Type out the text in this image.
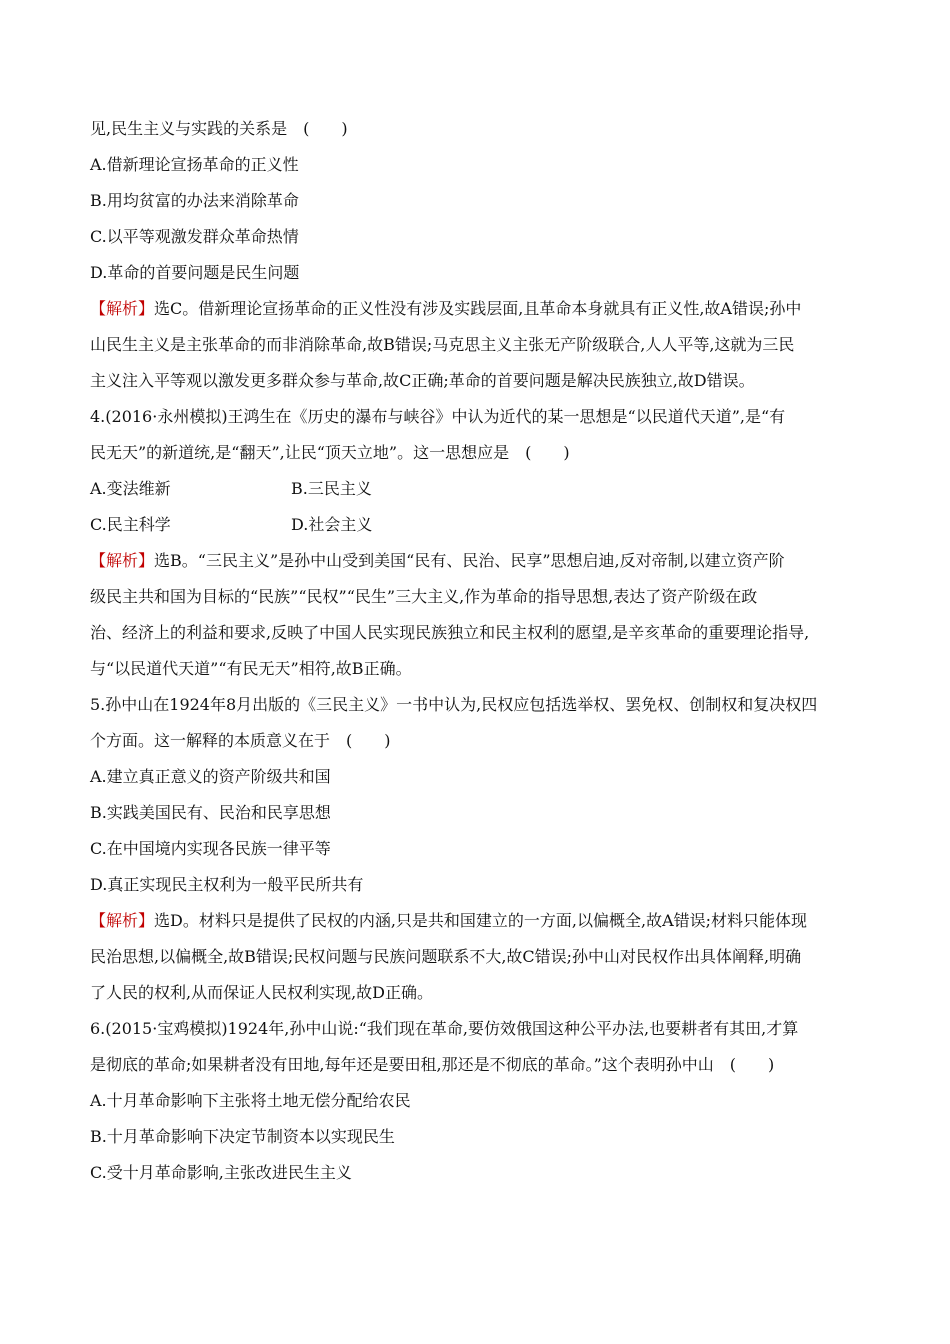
见,民生主义与实践的关系是　(　　)
A.借新理论宣扬革命的正义性
B.用均贫富的办法来消除革命
C.以平等观激发群众革命热情
D.革命的首要问题是民生问题
【解析】选C。借新理论宣扬革命的正义性没有涉及实践层面,且革命本身就具有正义性,故A错误;孙中
山民生主义是主张革命的而非消除革命,故B错误;马克思主义主张无产阶级联合,人人平等,这就为三民
主义注入平等观以激发更多群众参与革命,故C正确;革命的首要问题是解决民族独立,故D错误。
4.(2016·永州模拟)王鸿生在《历史的瀑布与峡谷》中认为近代的某一思想是“以民道代天道”,是“有
民无天”的新道统,是“翻天”,让民“顶天立地”。这一思想应是　(　　)
A.变法维新	B.三民主义
C.民主科学	D.社会主义
【解析】选B。“三民主义”是孙中山受到美国“民有、民治、民享”思想启迪,反对帝制,以建立资产阶
级民主共和国为目标的“民族”“民权”“民生”三大主义,作为革命的指导思想,表达了资产阶级在政
治、经济上的利益和要求,反映了中国人民实现民族独立和民主权利的愿望,是辛亥革命的重要理论指导,
与“以民道代天道”“有民无天”相符,故B正确。
5.孙中山在1924年8月出版的《三民主义》一书中认为,民权应包括选举权、罢免权、创制权和复决权四
个方面。这一解释的本质意义在于　(　　)
A.建立真正意义的资产阶级共和国
B.实践美国民有、民治和民享思想
C.在中国境内实现各民族一律平等
D.真正实现民主权利为一般平民所共有
【解析】选D。材料只是提供了民权的内涵,只是共和国建立的一方面,以偏概全,故A错误;材料只能体现
民治思想,以偏概全,故B错误;民权问题与民族问题联系不大,故C错误;孙中山对民权作出具体阐释,明确
了人民的权利,从而保证人民权利实现,故D正确。
6.(2015·宝鸡模拟)1924年,孙中山说:“我们现在革命,要仿效俄国这种公平办法,也要耕者有其田,才算
是彻底的革命;如果耕者没有田地,每年还是要田租,那还是不彻底的革命。”这个表明孙中山　(　　)
A.十月革命影响下主张将土地无偿分配给农民
B.十月革命影响下决定节制资本以实现民生
C.受十月革命影响,主张改进民生主义
